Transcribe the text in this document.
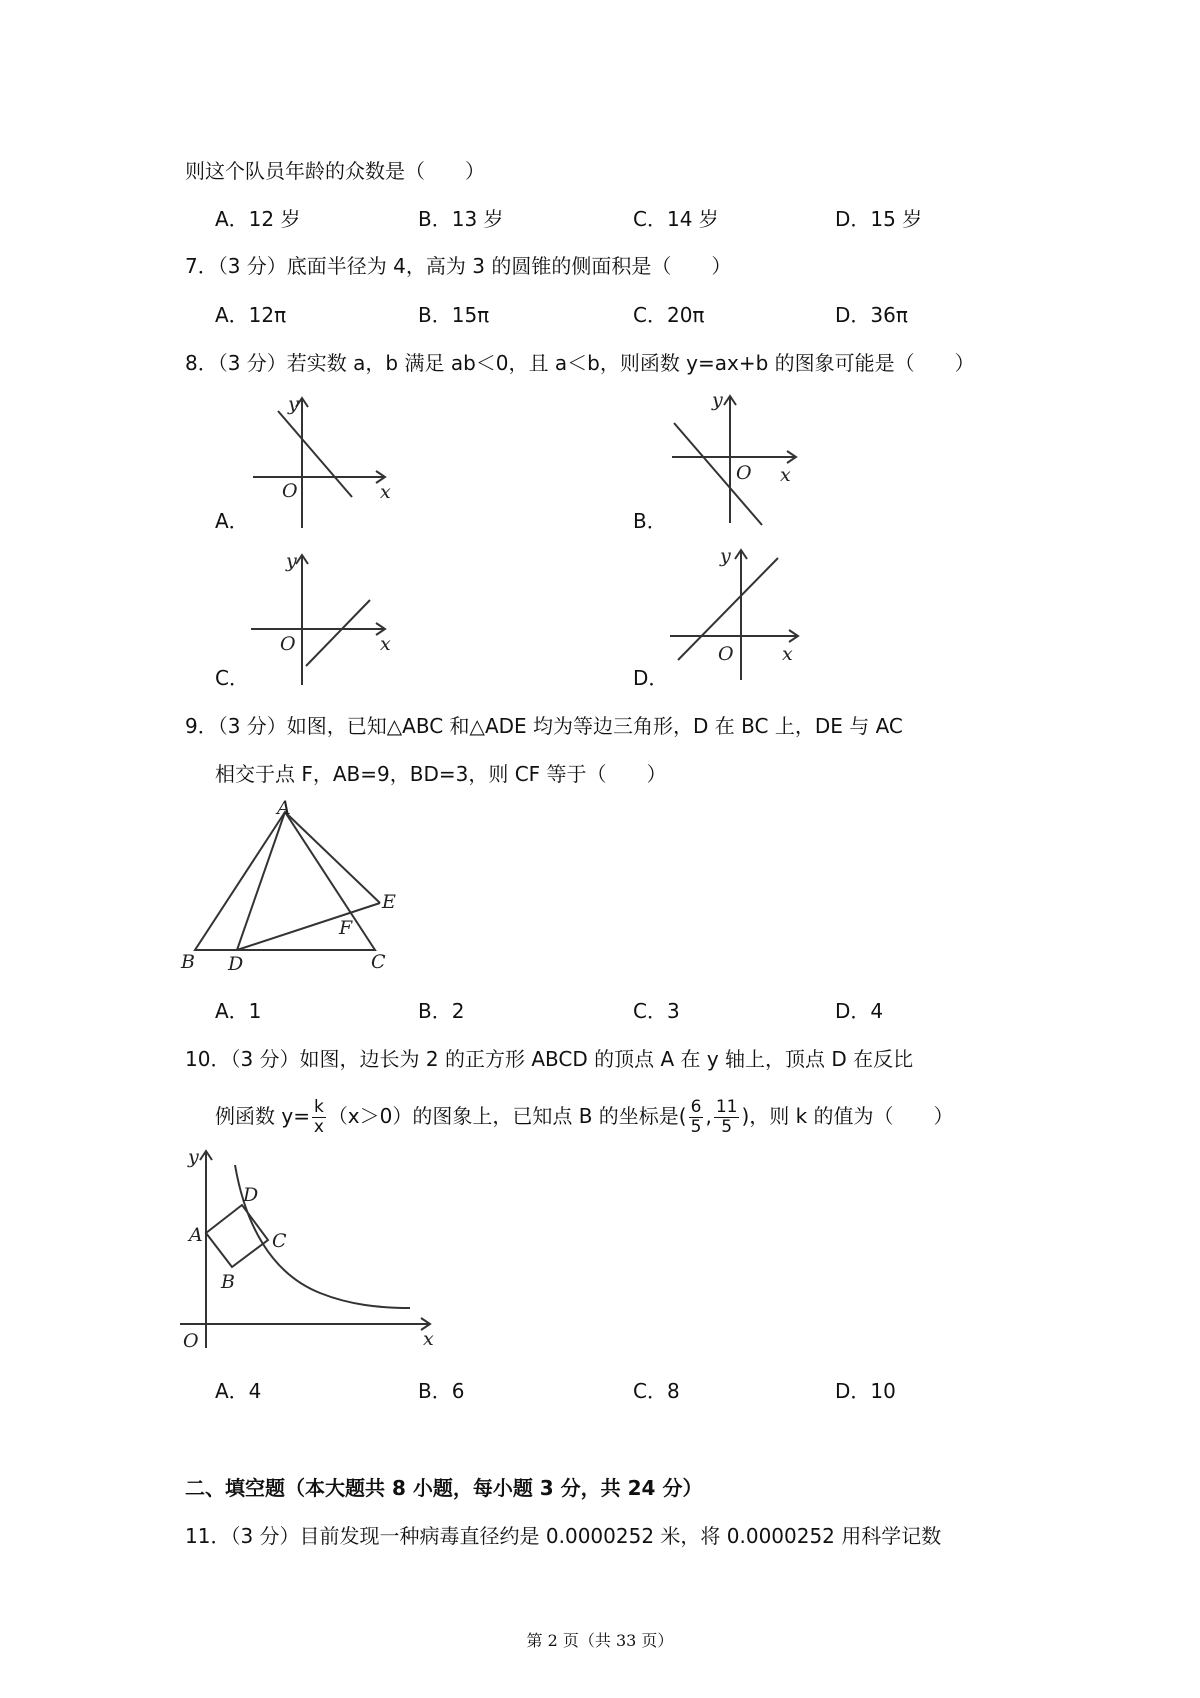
则这个队员年龄的众数是（　　）
A．12 岁	B．13 岁	C．14 岁	D．15 岁
7．（3 分）底面半径为 4，高为 3 的圆锥的侧面积是（　　）
A．12π	B．15π	C．20π	D．36π
8．（3 分）若实数 a，b 满足 ab＜0，且 a＜b，则函数 y=ax+b 的图象可能是（　　）
y
x
O
A．
y
x
O
B．
y
x
O
C．
y
x
O
D．
9．（3 分）如图，已知△ABC 和△ADE 均为等边三角形，D 在 BC 上，DE 与 AC
相交于点 F，AB=9，BD=3，则 CF 等于（　　）
A
B	C
D
E
F
A．1	B．2	C．3	D．4
10．（3 分）如图，边长为 2 的正方形 ABCD 的顶点 A 在 y 轴上，顶点 D 在反比
例函数 $y= \frac{k}{x} (x>0)$的图象上，已知点 B 的坐标是( $\frac{6}{5}$ , $\frac{11}{5}$ )，则 k 的值为（　　）
y
x
O
A
B
C
D
A．4	B．6	C．8	D．10
二、填空题（本大题共 8 小题，每小题 3 分，共 24 分）
11．（3 分）目前发现一种病毒直径约是 0.0000252 米，将 0.0000252 用科学记数
第 2 页（共 33 页）
